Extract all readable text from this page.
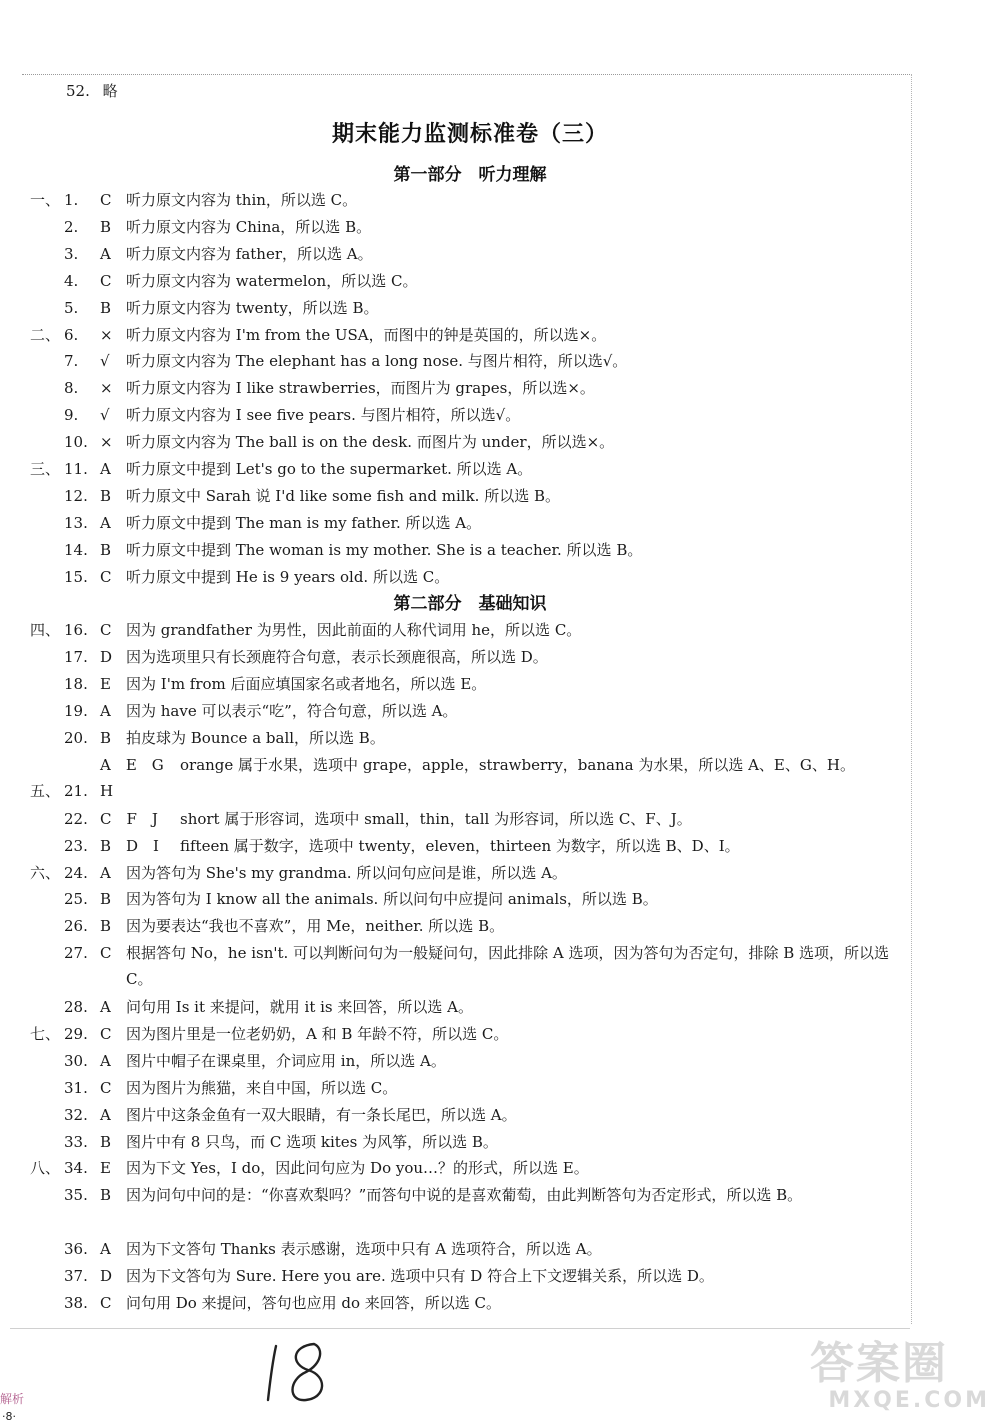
52. 略
期末能力监测标准卷（三）
第一部分　听力理解
第二部分　基础知识
一、 1. C 听力原文内容为 thin，所以选 C。
2. B 听力原文内容为 China，所以选 B。
3. A 听力原文内容为 father，所以选 A。
4. C 听力原文内容为 watermelon，所以选 C。
5. B 听力原文内容为 twenty，所以选 B。
二、 6. × 听力原文内容为 I'm from the USA，而图中的钟是英国的，所以选×。
7. √ 听力原文内容为 The elephant has a long nose. 与图片相符，所以选√。
8. × 听力原文内容为 I like strawberries，而图片为 grapes，所以选×。
9. √ 听力原文内容为 I see five pears. 与图片相符，所以选√。
10. × 听力原文内容为 The ball is on the desk. 而图片为 under，所以选×。
三、 11. A 听力原文中提到 Let's go to the supermarket. 所以选 A。
12. B 听力原文中 Sarah 说 I'd like some fish and milk. 所以选 B。
13. A 听力原文中提到 The man is my father. 所以选 A。
14. B 听力原文中提到 The woman is my mother. She is a teacher. 所以选 B。
15. C 听力原文中提到 He is 9 years old. 所以选 C。
四、 16. C 因为 grandfather 为男性，因此前面的人称代词用 he，所以选 C。
17. D 因为选项里只有长颈鹿符合句意，表示长颈鹿很高，所以选 D。
18. E 因为 I'm from 后面应填国家名或者地名，所以选 E。
19. A 因为 have 可以表示“吃”，符合句意，所以选 A。
20. B 拍皮球为 Bounce a ball，所以选 B。
五、 21.A　E　G　Horange 属于水果，选项中 grape，apple，strawberry，banana 为水果，所以选 A、E、G、H。
22. C　F　J short 属于形容词，选项中 small，thin，tall 为形容词，所以选 C、F、J。
23. B　D　I fifteen 属于数字，选项中 twenty，eleven，thirteen 为数字，所以选 B、D、I。
六、 24. A 因为答句为 She's my grandma. 所以问句应问是谁，所以选 A。
25. B 因为答句为 I know all the animals. 所以问句中应提问 animals，所以选 B。
26. B 因为要表达“我也不喜欢”，用 Me，neither. 所以选 B。
27. C 根据答句 No，he isn't. 可以判断问句为一般疑问句，因此排除 A 选项，因为答句为否定句，排除 B 选项，所以选 C。
28. A 问句用 Is it 来提问，就用 it is 来回答，所以选 A。
七、 29. C 因为图片里是一位老奶奶，A 和 B 年龄不符，所以选 C。
30. A 图片中帽子在课桌里，介词应用 in，所以选 A。
31. C 因为图片为熊猫，来自中国，所以选 C。
32. A 图片中这条金鱼有一双大眼睛，有一条长尾巴，所以选 A。
33. B 图片中有 8 只鸟，而 C 选项 kites 为风筝，所以选 B。
八、 34. E 因为下文 Yes，I do，因此问句应为 Do you…？的形式，所以选 E。
35. B 因为问句中问的是：“你喜欢梨吗？”而答句中说的是喜欢葡萄，由此判断答句为否定形式，所以选 B。
36. A 因为下文答句 Thanks 表示感谢，选项中只有 A 选项符合，所以选 A。
37. D 因为下文答句为 Sure. Here you are. 选项中只有 D 符合上下文逻辑关系，所以选 D。
38. C 问句用 Do 来提问，答句也应用 do 来回答，所以选 C。
18
解析
·8·
答案圈
MXQE.COM
